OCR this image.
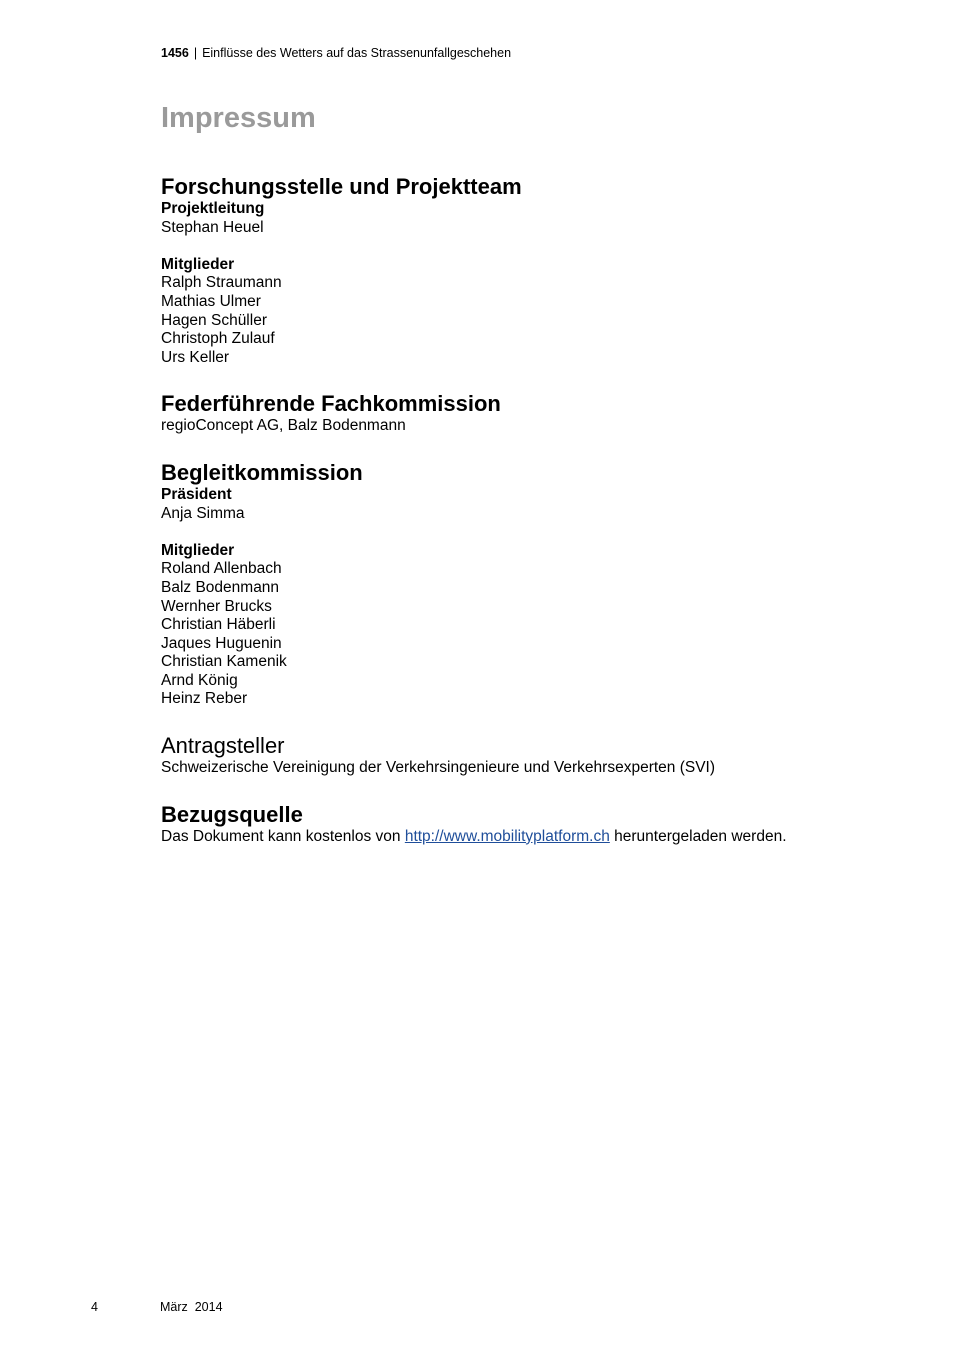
1456 | Einflüsse des Wetters auf das Strassenunfallgeschehen
Impressum
Forschungsstelle und Projektteam
Projektleitung
Stephan Heuel
Mitglieder
Ralph Straumann
Mathias Ulmer
Hagen Schüller
Christoph Zulauf
Urs Keller
Federführende Fachkommission
regioConcept AG, Balz Bodenmann
Begleitkommission
Präsident
Anja Simma
Mitglieder
Roland Allenbach
Balz Bodenmann
Wernher Brucks
Christian Häberli
Jaques Huguenin
Christian Kamenik
Arnd König
Heinz Reber
Antragsteller
Schweizerische Vereinigung der Verkehrsingenieure und Verkehrsexperten (SVI)
Bezugsquelle
Das Dokument kann kostenlos von http://www.mobilityplatform.ch heruntergeladen werden.
4	März  2014
